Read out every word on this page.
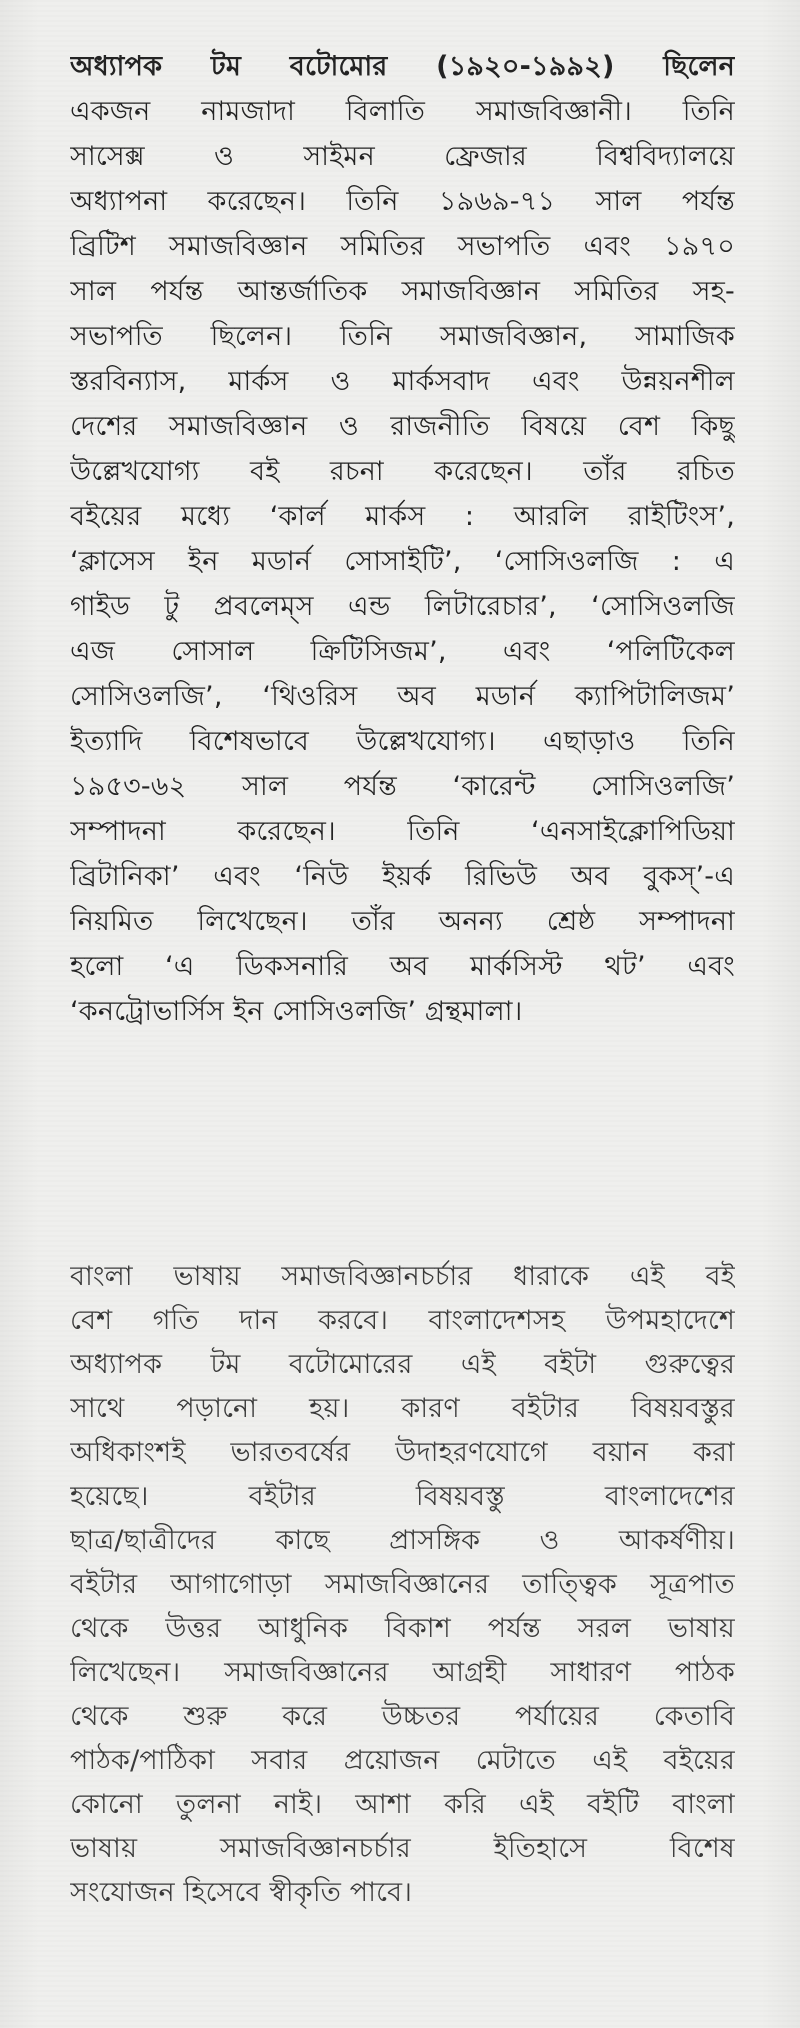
অধ্যাপক টম বটোমোর (১৯২০-১৯৯২) ছিলেন
একজন নামজাদা বিলাতি সমাজবিজ্ঞানী। তিনি
সাসেক্স ও সাইমন ফ্রেজার বিশ্ববিদ্যালয়ে
অধ্যাপনা করেছেন। তিনি ১৯৬৯-৭১ সাল পর্যন্ত
ব্রিটিশ সমাজবিজ্ঞান সমিতির সভাপতি এবং ১৯৭০
সাল পর্যন্ত আন্তর্জাতিক সমাজবিজ্ঞান সমিতির সহ-
সভাপতি ছিলেন। তিনি সমাজবিজ্ঞান, সামাজিক
স্তরবিন্যাস, মার্কস ও মার্কসবাদ এবং উন্নয়নশীল
দেশের সমাজবিজ্ঞান ও রাজনীতি বিষয়ে বেশ কিছু
উল্লেখযোগ্য বই রচনা করেছেন। তাঁর রচিত
বইয়ের মধ্যে ‘কার্ল মার্কস : আরলি রাইটিংস’,
‘ক্লাসেস ইন মডার্ন সোসাইটি’, ‘সোসিওলজি : এ
গাইড টু প্রবলেম্‌স এন্ড লিটারেচার’, ‘সোসিওলজি
এজ সোসাল ক্রিটিসিজম’, এবং ‘পলিটিকেল
সোসিওলজি’, ‘থিওরিস অব মডার্ন ক্যাপিটালিজম’
ইত্যাদি বিশেষভাবে উল্লেখযোগ্য। এছাড়াও তিনি
১৯৫৩-৬২ সাল পর্যন্ত ‘কারেন্ট সোসিওলজি’
সম্পাদনা করেছেন। তিনি ‘এনসাইক্লোপিডিয়া
ব্রিটানিকা’ এবং ‘নিউ ইয়র্ক রিভিউ অব বুকস্‌’-এ
নিয়মিত লিখেছেন। তাঁর অনন্য শ্রেষ্ঠ সম্পাদনা
হলো ‘এ ডিকসনারি অব মার্কসিস্ট থট’ এবং
‘কনট্রোভার্সিস ইন সোসিওলজি’ গ্রন্থমালা।
বাংলা ভাষায় সমাজবিজ্ঞানচর্চার ধারাকে এই বই
বেশ গতি দান করবে। বাংলাদেশসহ উপমহাদেশে
অধ্যাপক টম বটোমোরের এই বইটা গুরুত্বের
সাথে পড়ানো হয়। কারণ বইটার বিষয়বস্তুর
অধিকাংশই ভারতবর্ষের উদাহরণযোগে বয়ান করা
হয়েছে। বইটার বিষয়বস্তু বাংলাদেশের
ছাত্র/ছাত্রীদের কাছে প্রাসঙ্গিক ও আকর্ষণীয়।
বইটার আগাগোড়া সমাজবিজ্ঞানের তাত্ত্বিক সূত্রপাত
থেকে উত্তর আধুনিক বিকাশ পর্যন্ত সরল ভাষায়
লিখেছেন। সমাজবিজ্ঞানের আগ্রহী সাধারণ পাঠক
থেকে শুরু করে উচ্চতর পর্যায়ের কেতাবি
পাঠক/পাঠিকা সবার প্রয়োজন মেটাতে এই বইয়ের
কোনো তুলনা নাই। আশা করি এই বইটি বাংলা
ভাষায় সমাজবিজ্ঞানচর্চার ইতিহাসে বিশেষ
সংযোজন হিসেবে স্বীকৃতি পাবে।
